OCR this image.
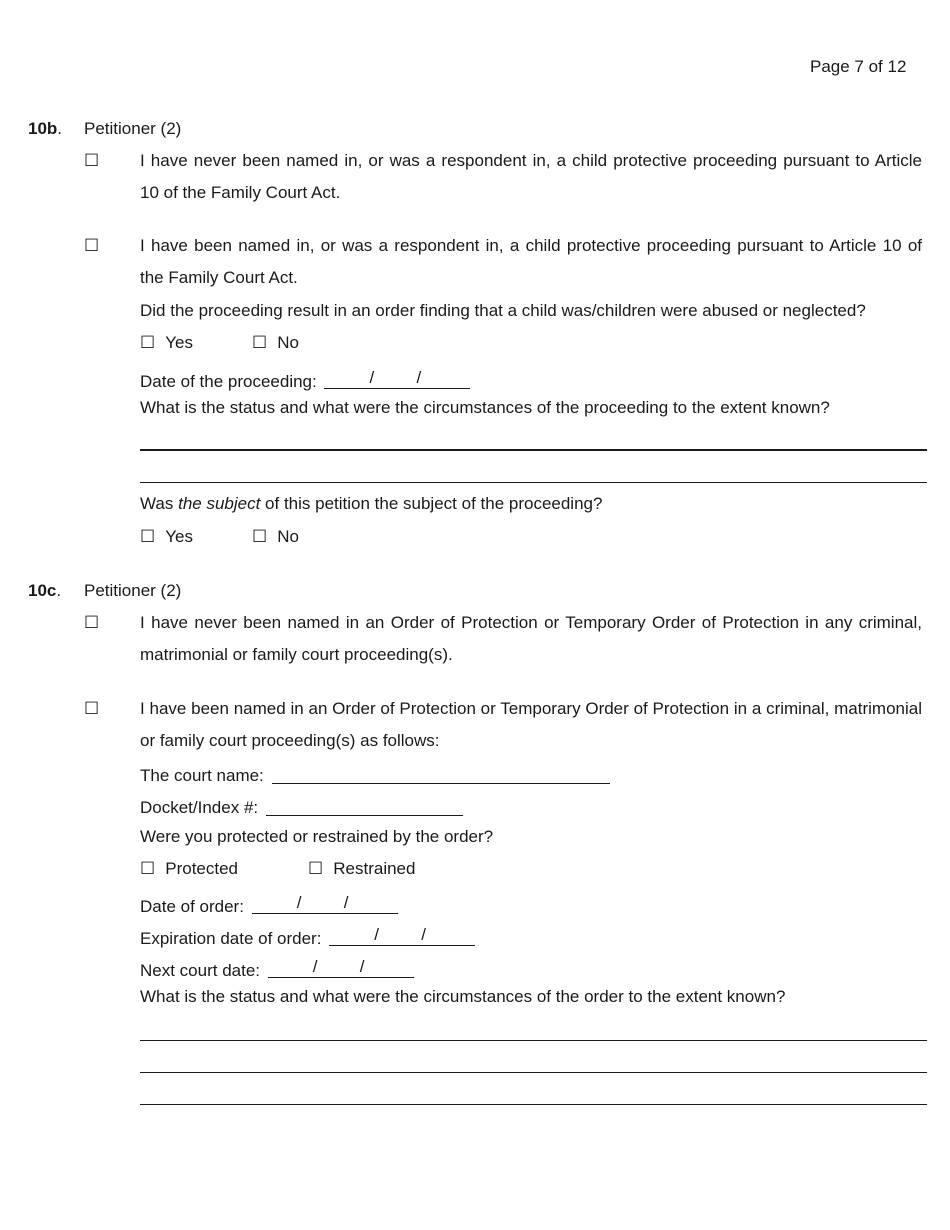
Page 7 of 12
10b. Petitioner (2)
☐ I have never been named in, or was a respondent in, a child protective proceeding pursuant to Article 10 of the Family Court Act.
☐ I have been named in, or was a respondent in, a child protective proceeding pursuant to Article 10 of the Family Court Act.
Did the proceeding result in an order finding that a child was/children were abused or neglected?
☐ Yes	☐ No
Date of the proceeding:	/ /
What is the status and what were the circumstances of the proceeding to the extent known?
Was the subject of this petition the subject of the proceeding?
☐ Yes	☐ No
10c. Petitioner (2)
☐ I have never been named in an Order of Protection or Temporary Order of Protection in any criminal, matrimonial or family court proceeding(s).
☐ I have been named in an Order of Protection or Temporary Order of Protection in a criminal, matrimonial or family court proceeding(s) as follows:
The court name:
Docket/Index #:
Were you protected or restrained by the order?
☐ Protected	☐ Restrained
Date of order:	/ /
Expiration date of order:	/ /
Next court date:	/ /
What is the status and what were the circumstances of the order to the extent known?
